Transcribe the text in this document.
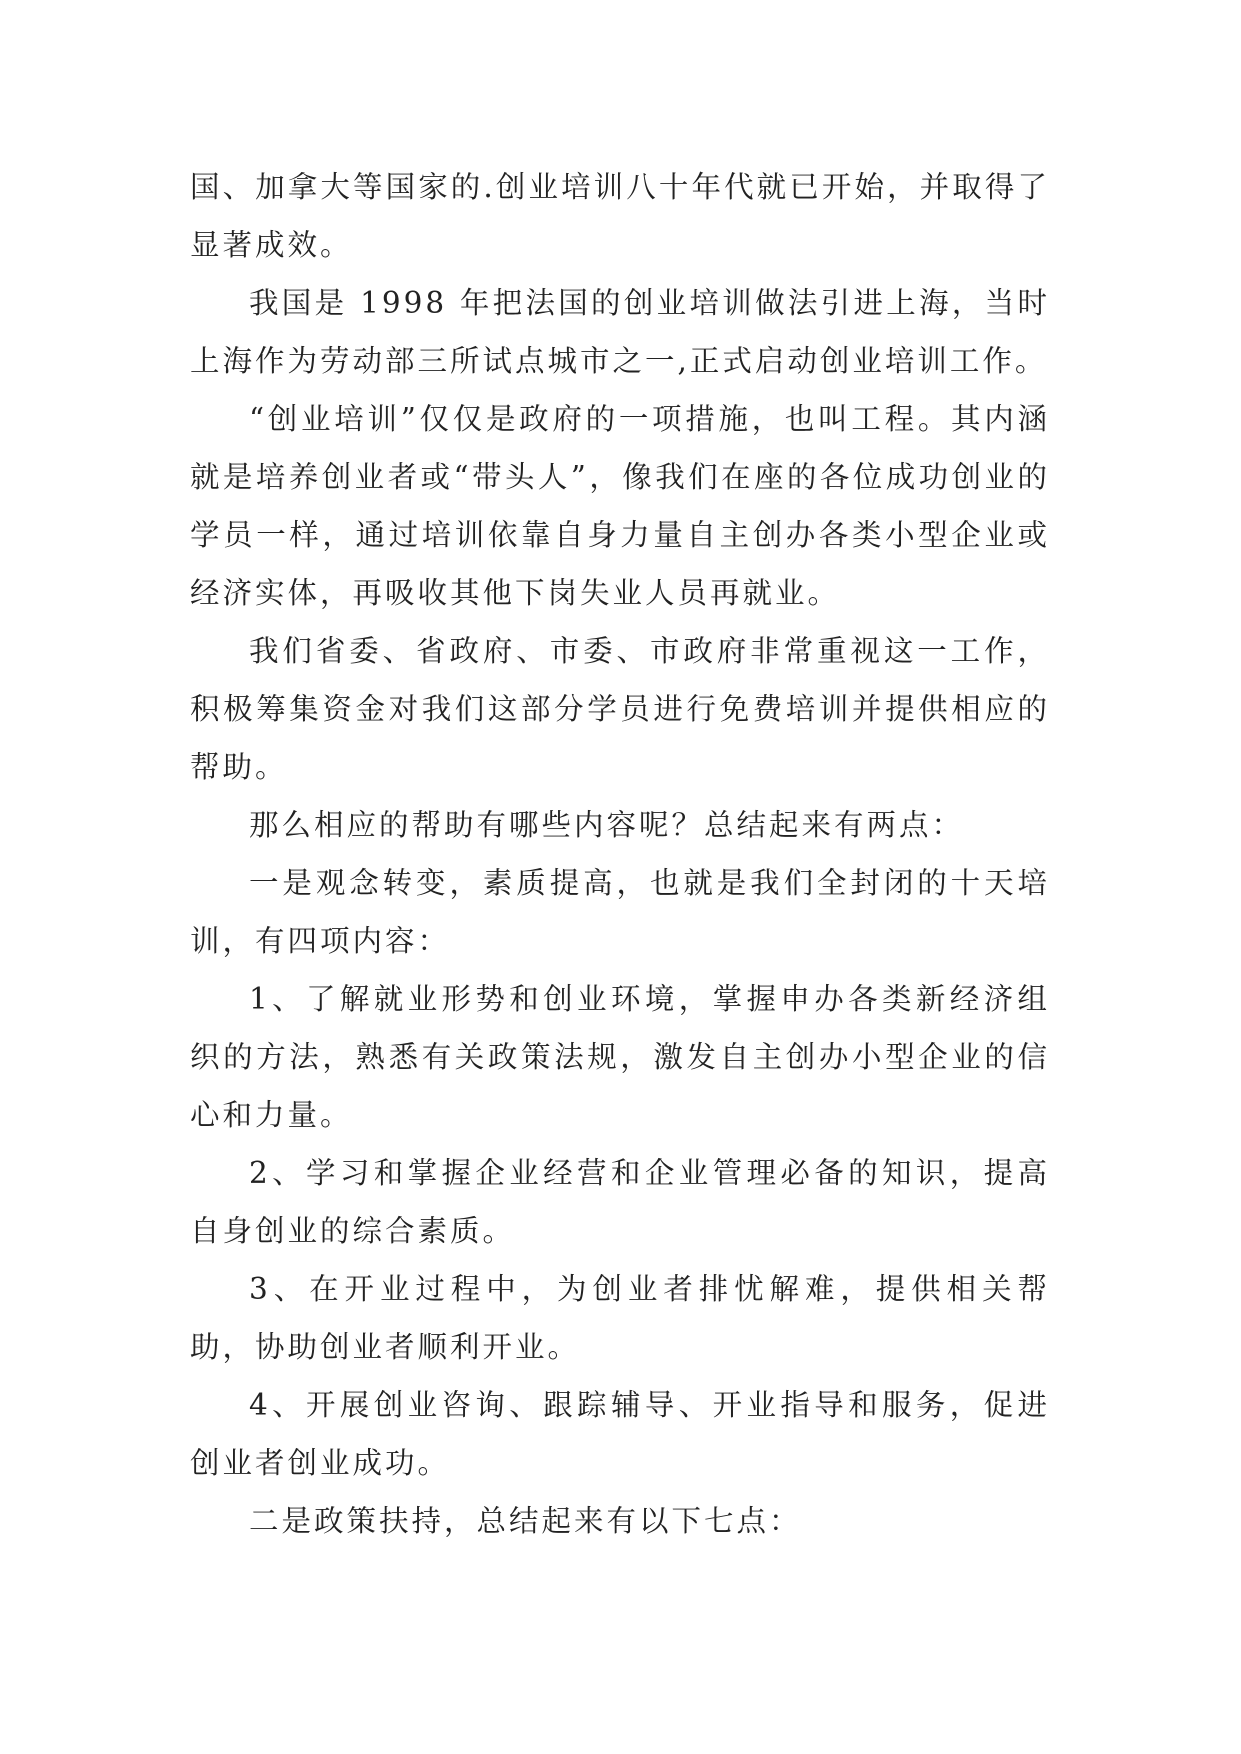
国、加拿大等国家的.创业培训八十年代就已开始，并取得了显著成效。

我国是 1998 年把法国的创业培训做法引进上海，当时上海作为劳动部三所试点城市之一,正式启动创业培训工作。

“创业培训”仅仅是政府的一项措施，也叫工程。其内涵就是培养创业者或“带头人”，像我们在座的各位成功创业的学员一样，通过培训依靠自身力量自主创办各类小型企业或经济实体，再吸收其他下岗失业人员再就业。

我们省委、省政府、市委、市政府非常重视这一工作，积极筹集资金对我们这部分学员进行免费培训并提供相应的帮助。

那么相应的帮助有哪些内容呢？总结起来有两点：

一是观念转变，素质提高，也就是我们全封闭的十天培训，有四项内容：

1、了解就业形势和创业环境，掌握申办各类新经济组织的方法，熟悉有关政策法规，激发自主创办小型企业的信心和力量。

2、学习和掌握企业经营和企业管理必备的知识，提高自身创业的综合素质。

3、在开业过程中，为创业者排忧解难，提供相关帮助，协助创业者顺利开业。

4、开展创业咨询、跟踪辅导、开业指导和服务，促进创业者创业成功。

二是政策扶持，总结起来有以下七点：
